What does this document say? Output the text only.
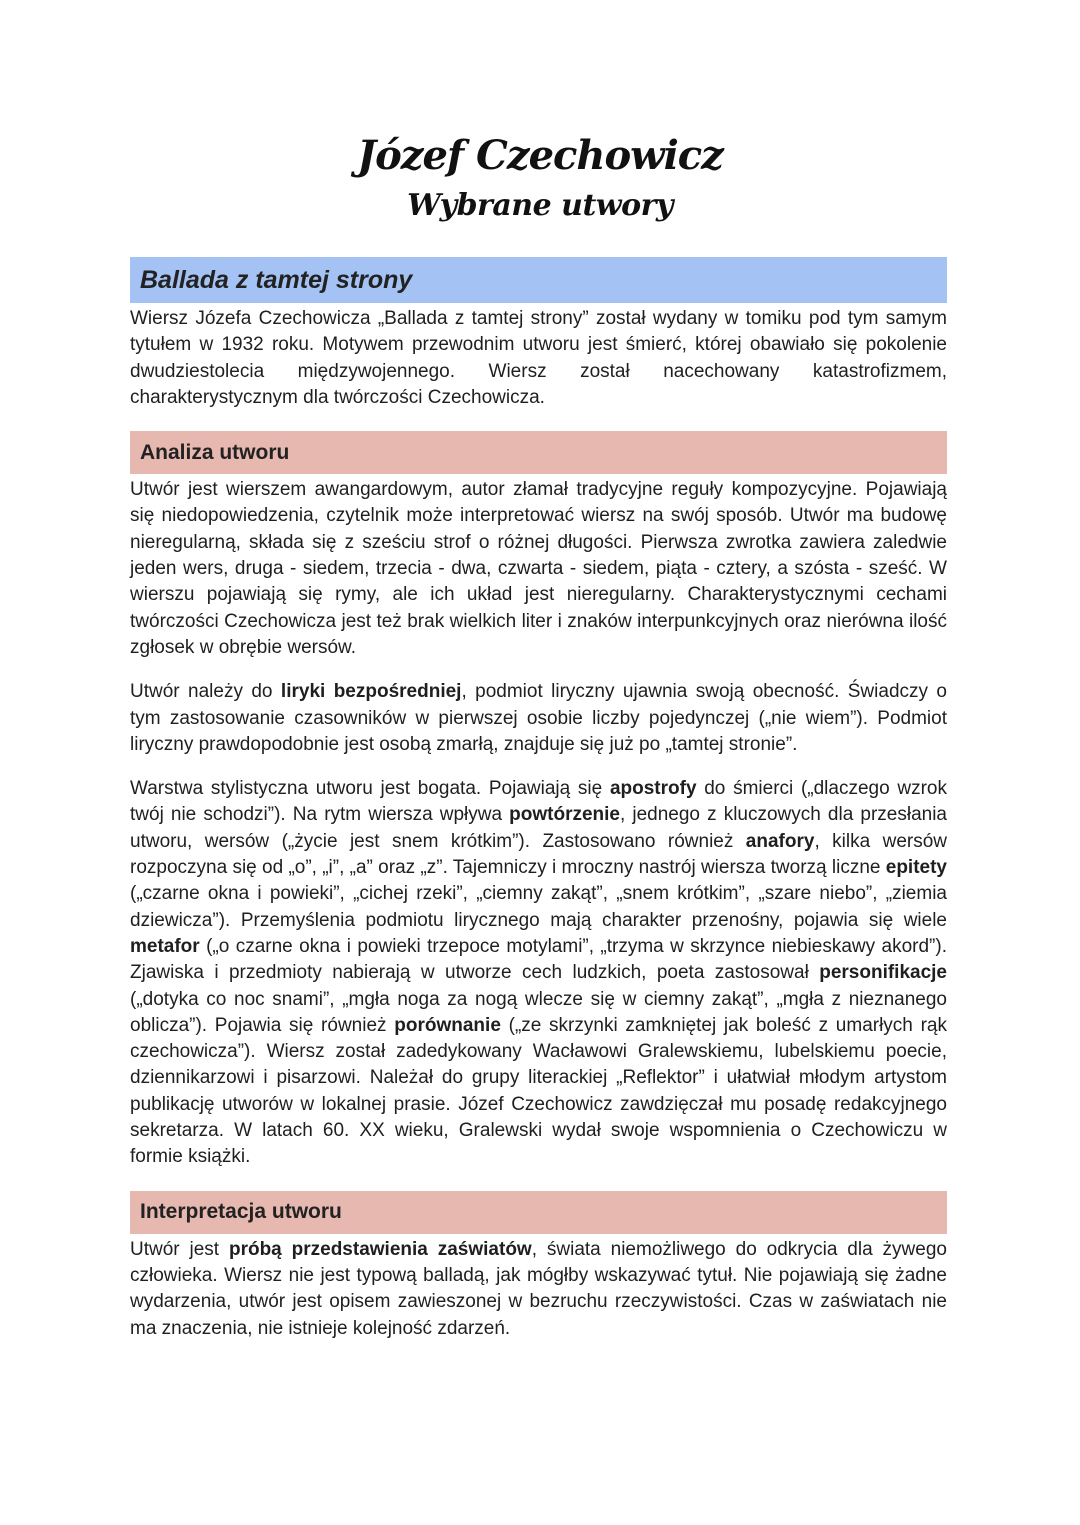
Józef Czechowicz
Wybrane utwory
Ballada z tamtej strony

Wiersz Józefa Czechowicza „Ballada z tamtej strony” został wydany w tomiku pod tym samym tytułem w 1932 roku. Motywem przewodnim utworu jest śmierć, której obawiało się pokolenie dwudziestolecia międzywojennego. Wiersz został nacechowany katastrofizmem, charakterystycznym dla twórczości Czechowicza.

Analiza utworu

Utwór jest wierszem awangardowym, autor złamał tradycyjne reguły kompozycyjne. Pojawiają się niedopowiedzenia, czytelnik może interpretować wiersz na swój sposób. Utwór ma budowę nieregularną, składa się z sześciu strof o różnej długości. Pierwsza zwrotka zawiera zaledwie jeden wers, druga - siedem, trzecia - dwa, czwarta - siedem, piąta - cztery, a szósta - sześć. W wierszu pojawiają się rymy, ale ich układ jest nieregularny. Charakterystycznymi cechami twórczości Czechowicza jest też brak wielkich liter i znaków interpunkcyjnych oraz nierówna ilość zgłosek w obrębie wersów.

Utwór należy do liryki bezpośredniej, podmiot liryczny ujawnia swoją obecność. Świadczy o tym zastosowanie czasowników w pierwszej osobie liczby pojedynczej („nie wiem”). Podmiot liryczny prawdopodobnie jest osobą zmarłą, znajduje się już po „tamtej stronie”.

Warstwa stylistyczna utworu jest bogata. Pojawiają się apostrofy do śmierci („dlaczego wzrok twój nie schodzi”). Na rytm wiersza wpływa powtórzenie, jednego z kluczowych dla przesłania utworu, wersów („życie jest snem krótkim”). Zastosowano również anafory, kilka wersów rozpoczyna się od „o”, „i”, „a” oraz „z”. Tajemniczy i mroczny nastrój wiersza tworzą liczne epitety („czarne okna i powieki”, „cichej rzeki”, „ciemny zakąt”, „snem krótkim”, „szare niebo”, „ziemia dziewicza”). Przemyślenia podmiotu lirycznego mają charakter przenośny, pojawia się wiele metafor („o czarne okna i powieki trzepoce motylami”, „trzyma w skrzynce niebieskawy akord”). Zjawiska i przedmioty nabierają w utworze cech ludzkich, poeta zastosował personifikacje („dotyka co noc snami”, „mgła noga za nogą wlecze się w ciemny zakąt”, „mgła z nieznanego oblicza”). Pojawia się również porównanie („ze skrzynki zamkniętej jak boleść z umarłych rąk czechowicza”). Wiersz został zadedykowany Wacławowi Gralewskiemu, lubelskiemu poecie, dziennikarzowi i pisarzowi. Należał do grupy literackiej „Reflektor” i ułatwiał młodym artystom publikację utworów w lokalnej prasie. Józef Czechowicz zawdzięczał mu posadę redakcyjnego sekretarza. W latach 60. XX wieku, Gralewski wydał swoje wspomnienia o Czechowiczu w formie książki.

Interpretacja utworu

Utwór jest próbą przedstawienia zaświatów, świata niemożliwego do odkrycia dla żywego człowieka. Wiersz nie jest typową balladą, jak mógłby wskazywać tytuł. Nie pojawiają się żadne wydarzenia, utwór jest opisem zawieszonej w bezruchu rzeczywistości. Czas w zaświatach nie ma znaczenia, nie istnieje kolejność zdarzeń.
